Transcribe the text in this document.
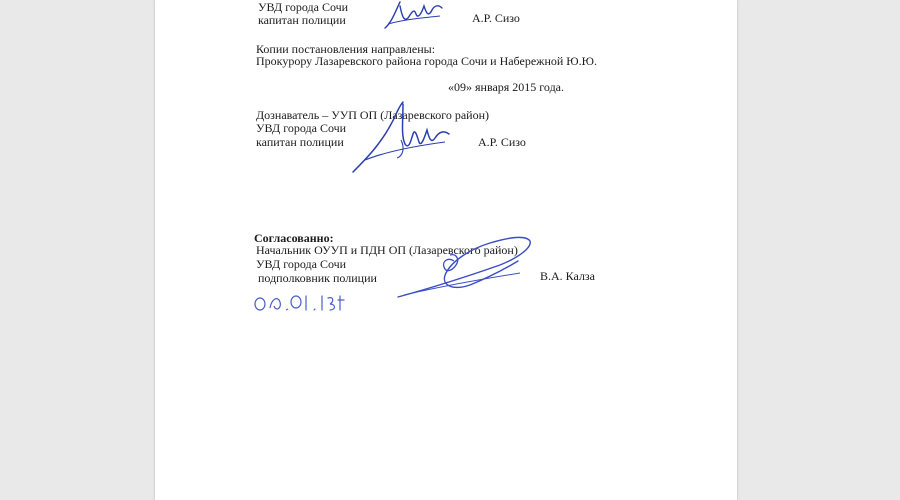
УВД города Сочи
капитан полиции	А.Р. Сизо
Копии постановления направлены:
Прокурору Лазаревского района города Сочи и Набережной Ю.Ю.
«09» января 2015 года.
Дознаватель – УУП ОП (Лазаревского район)
УВД города Сочи
капитан полиции	А.Р. Сизо
Согласованно:
Начальник ОУУП и ПДН ОП (Лазаревского район)
УВД города Сочи
подполковник полиции	В.А. Калза
